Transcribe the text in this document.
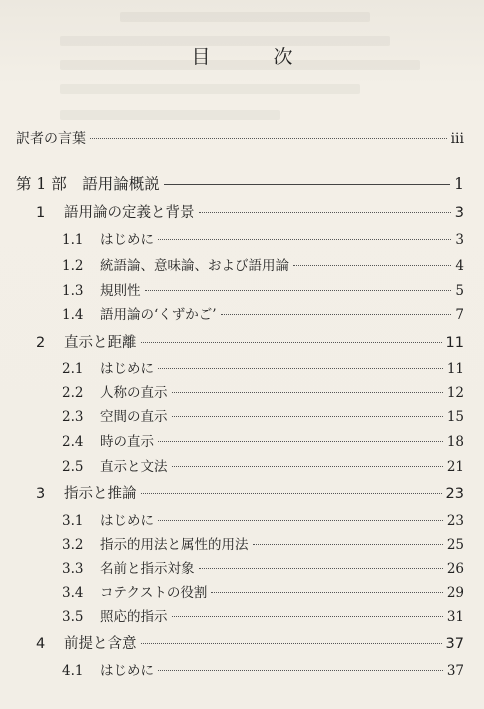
目　次
訳者の言葉	iii
第 1 部　語用論概説	1
1 語用論の定義と背景	3
1.1 はじめに	3
1.2 統語論、意味論、および語用論	4
1.3 規則性	5
1.4 語用論の‘くずかご’	7
2 直示と距離	11
2.1 はじめに	11
2.2 人称の直示	12
2.3 空間の直示	15
2.4 時の直示	18
2.5 直示と文法	21
3 指示と推論	23
3.1 はじめに	23
3.2 指示的用法と属性的用法	25
3.3 名前と指示対象	26
3.4 コテクストの役割	29
3.5 照応的指示	31
4 前提と含意	37
4.1 はじめに	37
